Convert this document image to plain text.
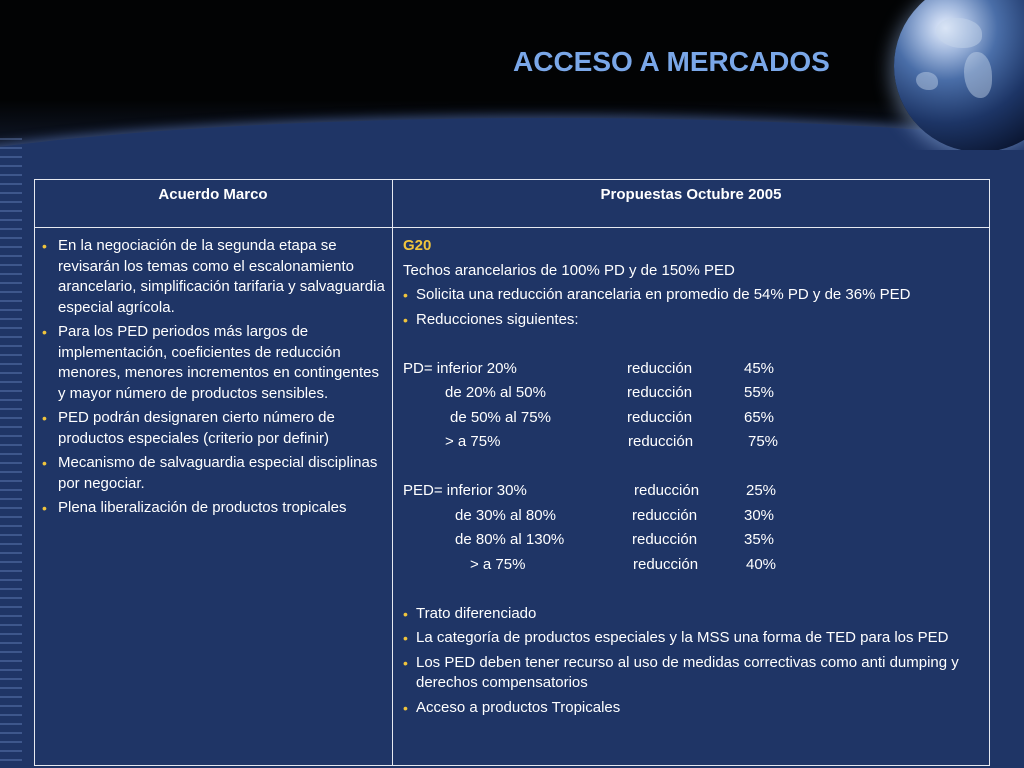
ACCESO A MERCADOS
Acuerdo Marco	Propuestas Octubre 2005
• En la negociación de la segunda etapa se revisarán los temas como el escalonamiento arancelario, simplificación tarifaria y salvaguardia especial agrícola.
• Para los PED periodos más largos de implementación, coeficientes de reducción menores, menores incrementos en contingentes y mayor número de productos sensibles.
• PED podrán designaren cierto número de productos especiales (criterio por definir)
• Mecanismo de salvaguardia especial disciplinas por negociar.
• Plena liberalización de productos tropicales
G20
Techos arancelarios de 100% PD y de 150% PED
• Solicita una reducción arancelaria en promedio de 54% PD y de 36% PED
• Reducciones siguientes:
PD= inferior 20%	reducción	45%
de 20% al 50%	reducción	55%
de 50% al 75%	reducción	65%
> a 75%	reducción	75%
PED= inferior 30%	reducción	25%
de 30% al 80%	reducción	30%
de 80% al 130%	reducción	35%
> a 75%	reducción	40%
• Trato diferenciado
• La categoría de productos especiales y la MSS una forma de TED para los PED
• Los PED deben tener recurso al uso de medidas correctivas como anti dumping y derechos compensatorios
• Acceso a productos Tropicales
